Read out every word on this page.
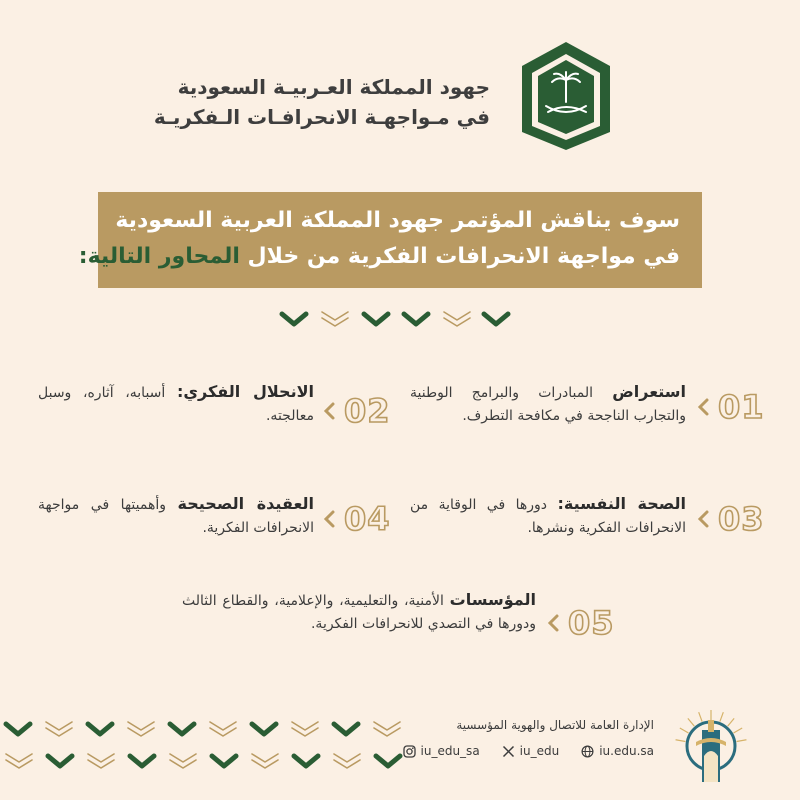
جهود المملكة العـربيـة السعودية
في مـواجهـة الانحرافـات الـفكريـة
سوف يناقش المؤتمر جهود المملكة العربية السعودية
في مواجهة الانحرافات الفكرية من خلال المحاور التالية:
01
استعراض المبادرات والبرامج الوطنية والتجارب الناجحة في مكافحة التطرف.
02
الانحلال الفكري: أسبابه، آثاره، وسبل معالجته.
03
الصحة النفسية: دورها في الوقاية من الانحرافات الفكرية ونشرها.
04
العقيدة الصحيحة وأهميتها في مواجهة الانحرافات الفكرية.
05
المؤسسات الأمنية، والتعليمية، والإعلامية، والقطاع الثالث ودورها في التصدي للانحرافات الفكرية.
الإدارة العامة للاتصال والهوية المؤسسية
iu_edu_sa	iu_edu	iu.edu.sa
